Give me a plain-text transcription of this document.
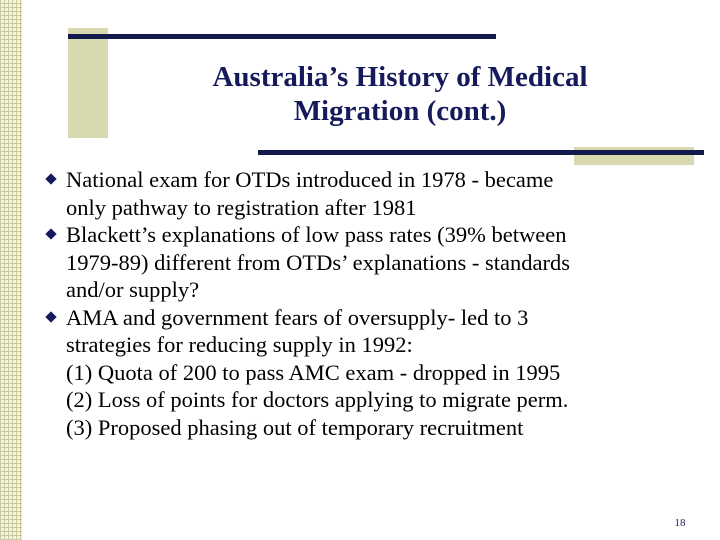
Australia’s History of Medical
Migration (cont.)
National exam for OTDs introduced in 1978 - became
only pathway to registration after 1981
Blackett’s explanations of low pass rates (39% between
1979-89) different from OTDs’ explanations - standards
and/or supply?
AMA and government fears of oversupply- led to 3
strategies for reducing supply in 1992:
(1) Quota of 200 to pass AMC exam - dropped in 1995
(2) Loss of points for doctors applying to migrate perm.
(3) Proposed phasing out of temporary recruitment
18
